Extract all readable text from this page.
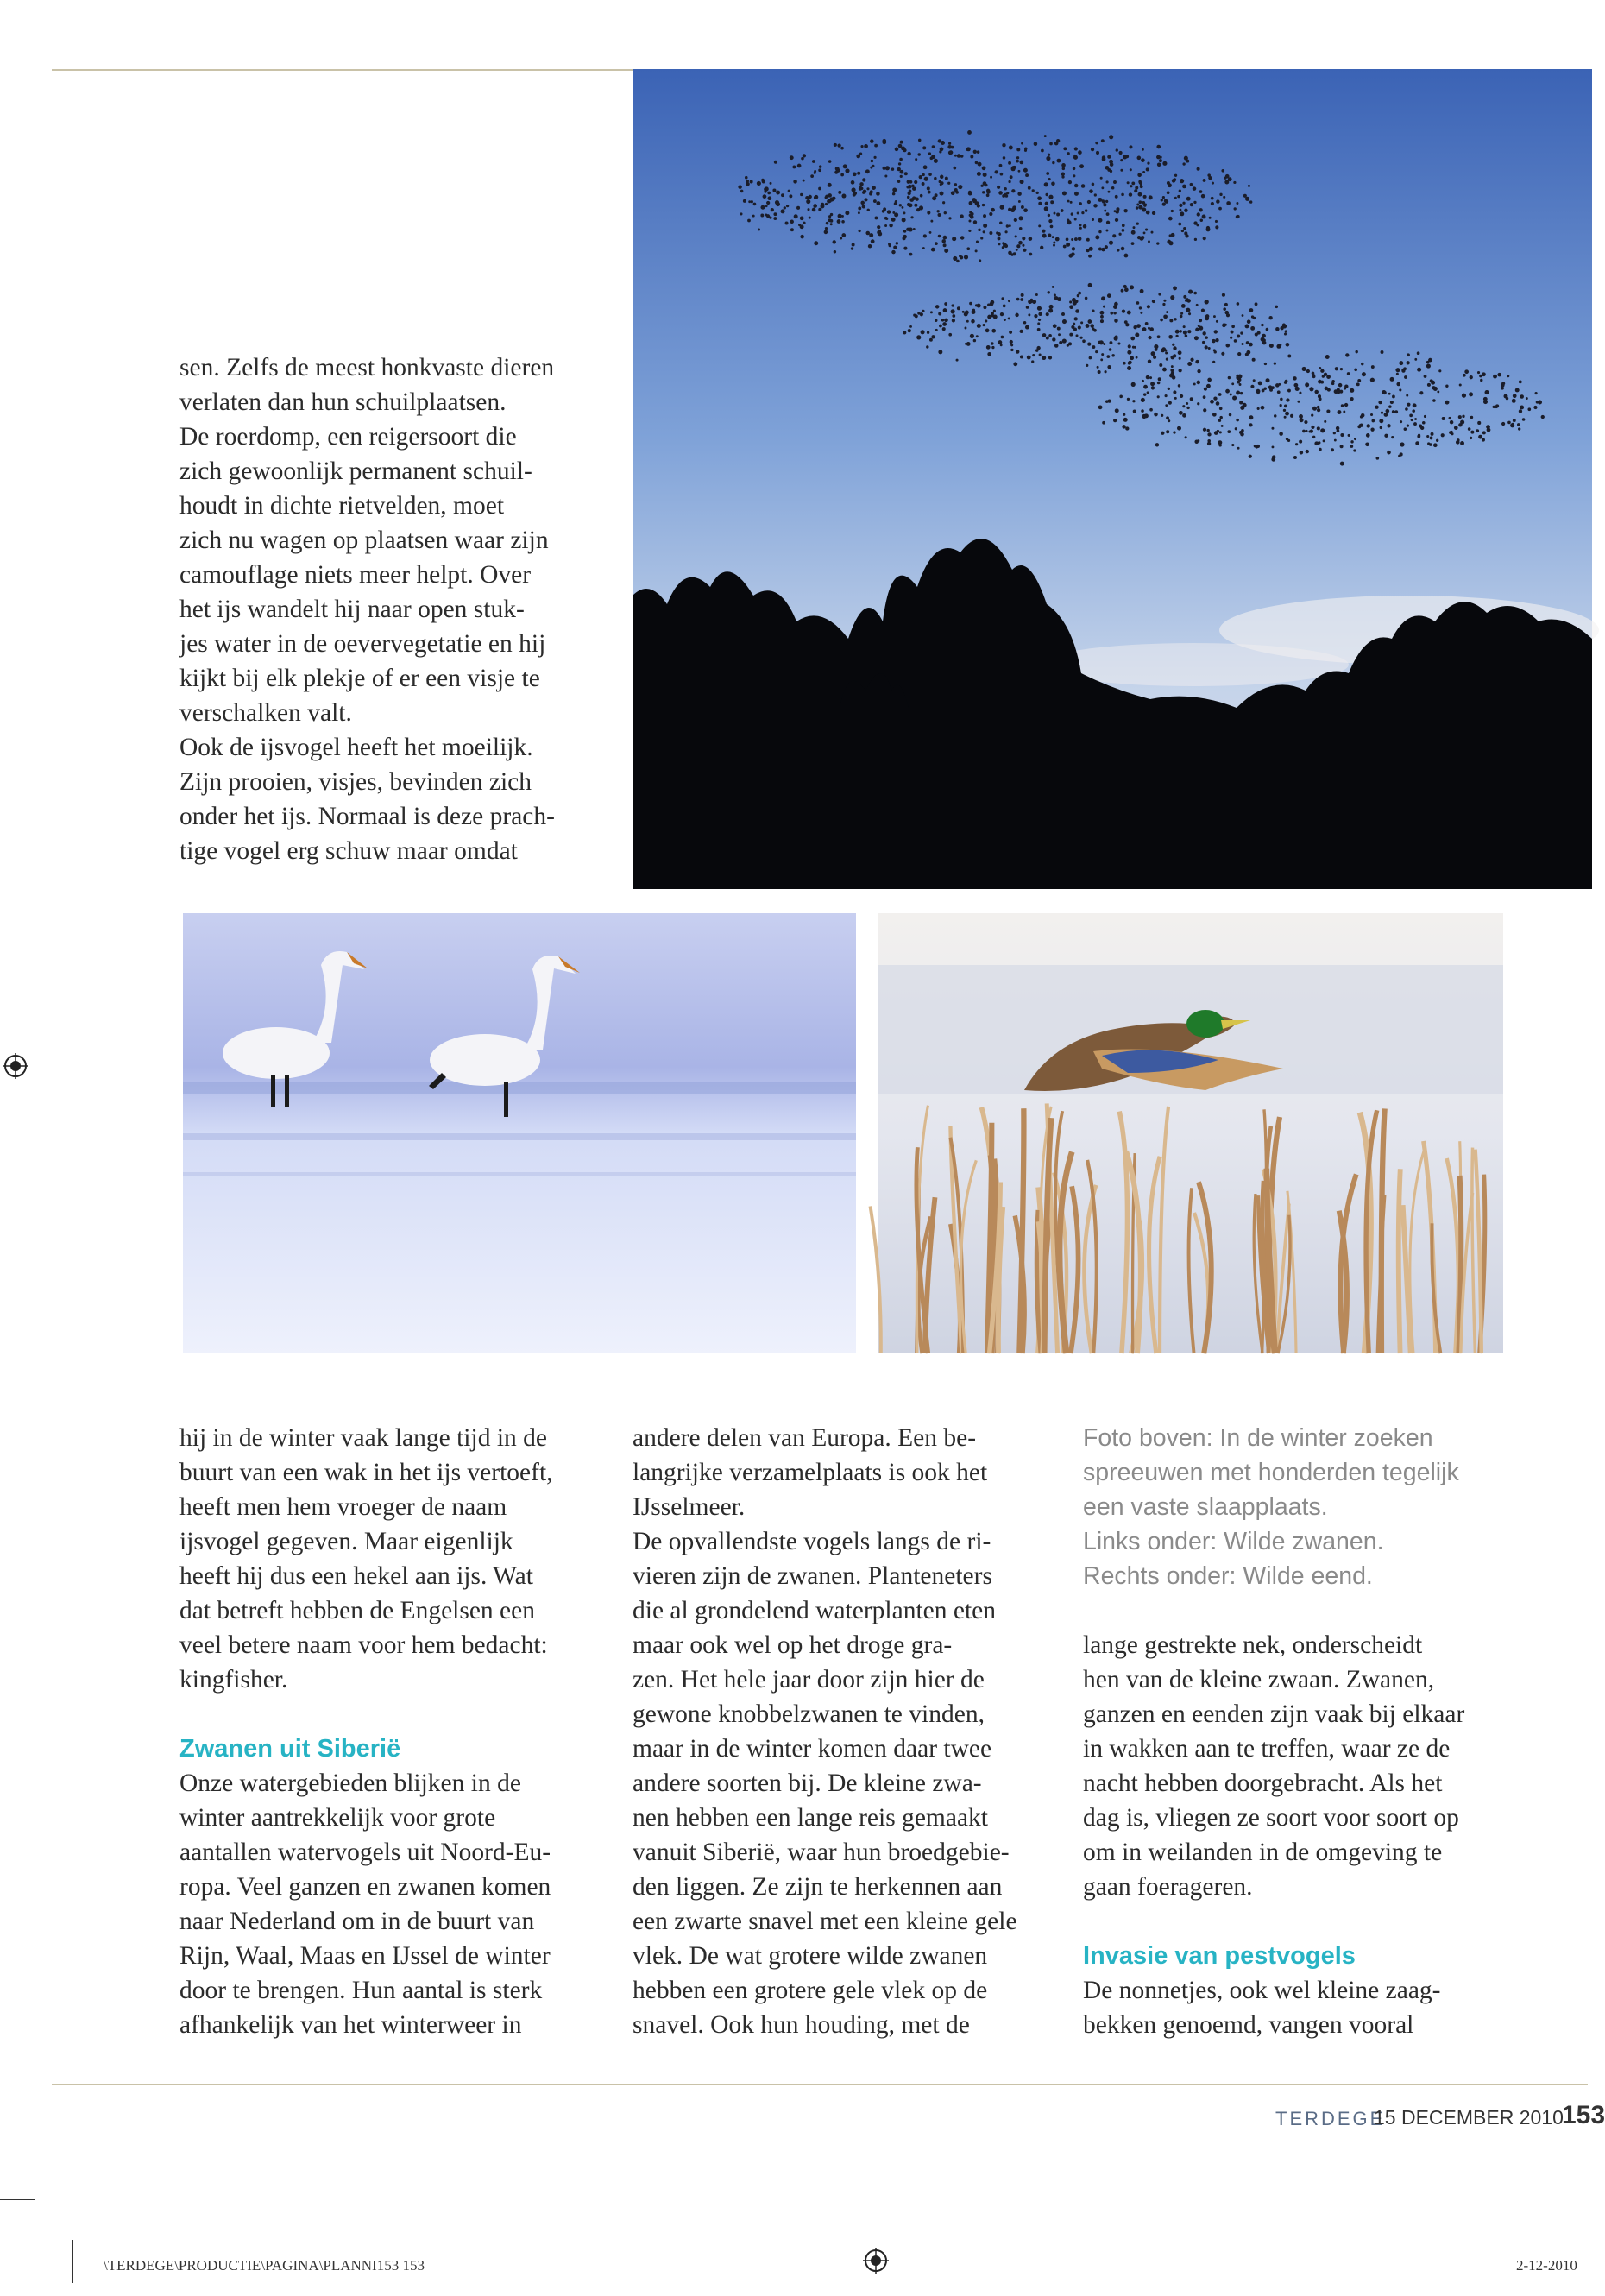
sen. Zelfs de meest honkvaste dieren

verlaten dan hun schuilplaatsen.

De roerdomp, een reigersoort die

zich gewoonlijk permanent schuil-

houdt in dichte rietvelden, moet

zich nu wagen op plaatsen waar zijn

camouflage niets meer helpt. Over

het ijs wandelt hij naar open stuk-

jes water in de oevervegetatie en hij

kijkt bij elk plekje of er een visje te

verschalken valt.

Ook de ijsvogel heeft het moeilijk.

Zijn prooien, visjes, bevinden zich

onder het ijs. Normaal is deze prach-

tige vogel erg schuw maar omdat

hij in de winter vaak lange tijd in de

buurt van een wak in het ijs vertoeft,

heeft men hem vroeger de naam

ijsvogel gegeven. Maar eigenlijk

heeft hij dus een hekel aan ijs. Wat

dat betreft hebben de Engelsen een

veel betere naam voor hem bedacht:

kingfisher.

Zwanen uit Siberië

Onze watergebieden blijken in de

winter aantrekkelijk voor grote

aantallen watervogels uit Noord-Eu-

ropa. Veel ganzen en zwanen komen

naar Nederland om in de buurt van

Rijn, Waal, Maas en IJssel de winter

door te brengen. Hun aantal is sterk

afhankelijk van het winterweer in

andere delen van Europa. Een be-

langrijke verzamelplaats is ook het

IJsselmeer.

De opvallendste vogels langs de ri-

vieren zijn de zwanen. Planteneters

die al grondelend waterplanten eten

maar ook wel op het droge gra-

zen. Het hele jaar door zijn hier de

gewone knobbelzwanen te vinden,

maar in de winter komen daar twee

andere soorten bij. De kleine zwa-

nen hebben een lange reis gemaakt

vanuit Siberië, waar hun broedgebie-

den liggen. Ze zijn te herkennen aan

een zwarte snavel met een kleine gele

vlek. De wat grotere wilde zwanen

hebben een grotere gele vlek op de

snavel. Ook hun houding, met de

Foto boven: In de winter zoeken

spreeuwen met honderden tegelijk

een vaste slaapplaats.

Links onder: Wilde zwanen.

Rechts onder: Wilde eend.

lange gestrekte nek, onderscheidt

hen van de kleine zwaan. Zwanen,

ganzen en eenden zijn vaak bij elkaar

in wakken aan te treffen, waar ze de

nacht hebben doorgebracht. Als het

dag is, vliegen ze soort voor soort op

om in weilanden in de omgeving te

gaan foerageren.

Invasie van pestvogels

De nonnetjes, ook wel kleine zaag-

bekken genoemd, vangen vooral

TERDEGE
15 DECEMBER 2010
153
\TERDEGE\PRODUCTIE\PAGINA\PLANNI153 153	2-12-2010
